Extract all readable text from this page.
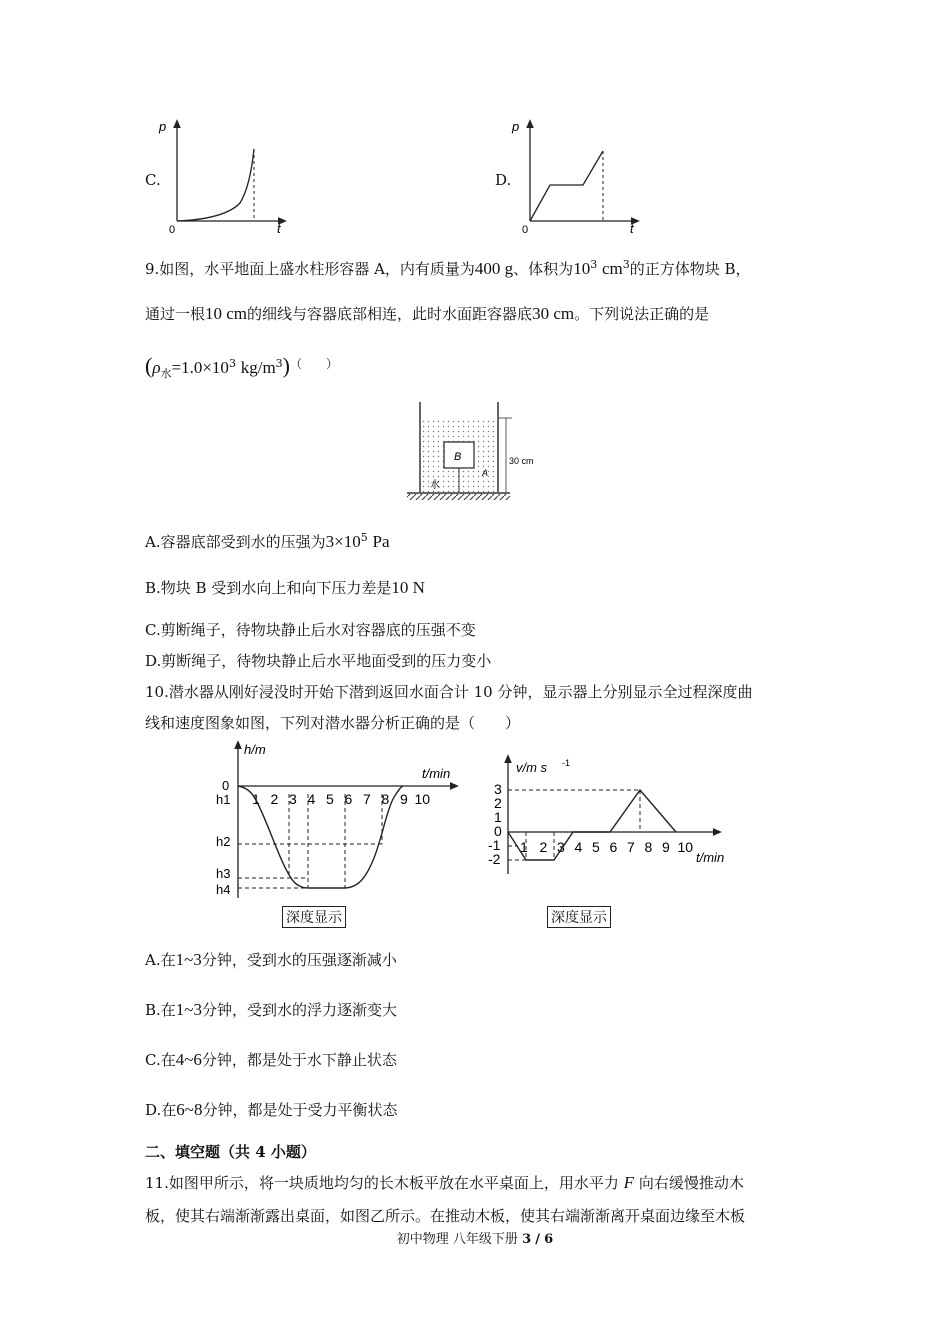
C.
p
t
0
D.
p
t
0
9.如图，水平地面上盛水柱形容器 A，内有质量为400 g、体积为$10^3$ $cm^3$的正方体物块 B，
通过一根10 cm的细线与容器底部相连，此时水面距容器底30 cm。下列说法正确的是
($\rho_水=1.0\times 10^3$ $kg/m^3)^{( )}$
B
水
A
30 cm
A.容器底部受到水的压强为$3\times 10^5$ Pa
B.物块 B 受到水向上和向下压力差是10 N
C.剪断绳子，待物块静止后水对容器底的压强不变
D.剪断绳子，待物块静止后水平地面受到的压力变小
10.潜水器从刚好浸没时开始下潜到返回水面合计 10 分钟，显示器上分别显示全过程深度曲
线和速度图象如图，下列对潜水器分析正确的是（　　）
h/m
t/min
0
h1
h2
h3
h4
1 2 3 4 5 6 7 8 9 10
深度显示
v/m s -1
t/min
3
2
1
0
-1
-2
1 2 3 4 5 6 7 8 9 10
深度显示
A.在1~3分钟，受到水的压强逐渐减小
B.在1~3分钟，受到水的浮力逐渐变大
C.在4~6分钟，都是处于水下静止状态
D.在6~8分钟，都是处于受力平衡状态
二、填空题（共 4 小题）
11.如图甲所示，将一块质地均匀的长木板平放在水平桌面上，用水平力 F 向右缓慢推动木
板，使其右端渐渐露出桌面，如图乙所示。在推动木板，使其右端渐渐离开桌面边缘至木板
初中物理 八年级下册 3 / 6
